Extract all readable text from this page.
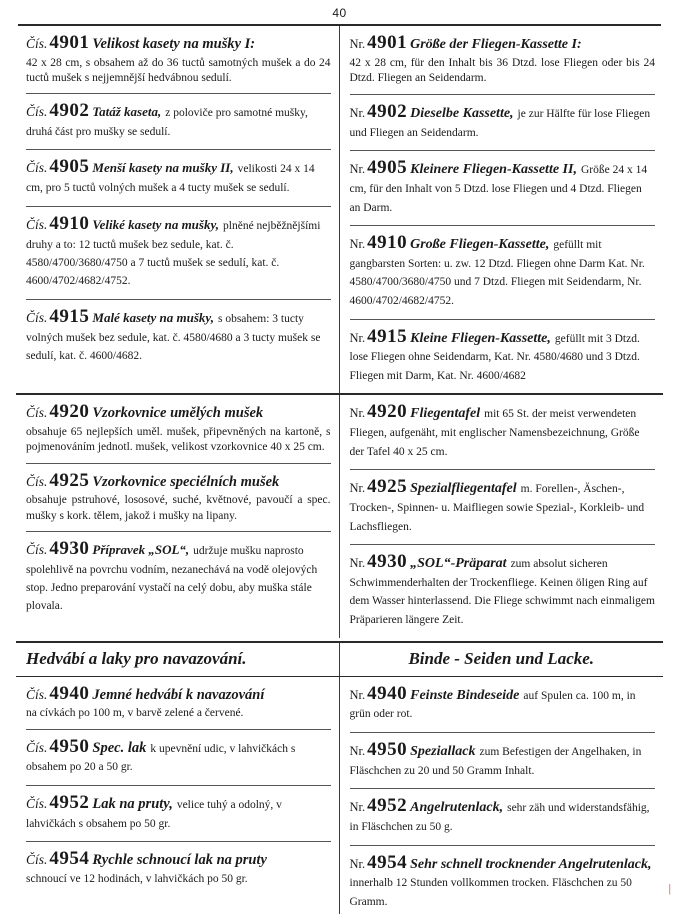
40
Čís. 4901 Velikost kasety na mušky I:
42 x 28 cm, s obsahem až do 36 tuctů samotných mušek a do 24 tuctů mušek s nejjemnější hedvábnou sedulí.
Čís. 4902 Tatáž kaseta, z poloviče pro samotné mušky, druhá část pro mušky se sedulí.
Čís. 4905 Menší kasety na mušky II, velikosti 24 x 14 cm, pro 5 tuctů volných mušek a 4 tucty mušek se sedulí.
Čís. 4910 Veliké kasety na mušky, plněné nejběžnějšími druhy a to: 12 tuctů mušek bez sedule, kat. č. 4580/4700/3680/4750 a 7 tuctů mušek se sedulí, kat. č. 4600/4702/4682/4752.
Čís. 4915 Malé kasety na mušky, s obsahem: 3 tucty volných mušek bez sedule, kat. č. 4580/4680 a 3 tucty mušek se sedulí, kat. č. 4600/4682.
Nr. 4901 Größe der Fliegen-Kassette I:
42 x 28 cm, für den Inhalt bis 36 Dtzd. lose Fliegen oder bis 24 Dtzd. Fliegen an Seidendarm.
Nr. 4902 Dieselbe Kassette, je zur Hälfte für lose Fliegen und Fliegen an Seidendarm.
Nr. 4905 Kleinere Fliegen-Kassette II, Größe 24 x 14 cm, für den Inhalt von 5 Dtzd. lose Fliegen und 4 Dtzd. Fliegen an Darm.
Nr. 4910 Große Fliegen-Kassette, gefüllt mit gangbarsten Sorten: u. zw. 12 Dtzd. Fliegen ohne Darm Kat. Nr. 4580/4700/3680/4750 und 7 Dtzd. Fliegen mit Seidendarm, Nr. 4600/4702/4682/4752.
Nr. 4915 Kleine Fliegen-Kassette, gefüllt mit 3 Dtzd. lose Fliegen ohne Seidendarm, Kat. Nr. 4580/4680 und 3 Dtzd. Fliegen mit Darm, Kat. Nr. 4600/4682
Čís. 4920 Vzorkovnice umělých mušek
obsahuje 65 nejlepších uměl. mušek, připevněných na kartoně, s pojmenováním jednotl. mušek, velikost vzorkovnice 40 x 25 cm.
Čís. 4925 Vzorkovnice speciélních mušek
obsahuje pstruhové, lososové, suché, květnové, pavoučí a spec. mušky s kork. tělem, jakož i mušky na lipany.
Čís. 4930 Přípravek „SOL“, udržuje mušku naprosto spolehlivě na povrchu vodním, nezanechává na vodě olejových stop. Jedno preparování vystačí na celý dobu, aby muška stále plovala.
Nr. 4920 Fliegentafel mit 65 St. der meist verwendeten Fliegen, aufgenäht, mit englischer Namensbezeichnung, Größe der Tafel 40 x 25 cm.
Nr. 4925 Spezialfliegentafel m. Forellen-, Äschen-, Trocken-, Spinnen- u. Maifliegen sowie Spezial-, Korkleib- und Lachsfliegen.
Nr. 4930 „SOL“-Präparat zum absolut sicheren Schwimmenderhalten der Trockenfliege. Keinen öligen Ring auf dem Wasser hinterlassend. Die Fliege schwimmt nach einmaligem Präparieren längere Zeit.
Hedvábí a laky pro navazování.	Binde - Seiden und Lacke.
Čís. 4940 Jemné hedvábí k navazování
na cívkách po 100 m, v barvě zelené a červené.
Čís. 4950 Spec. lak k upevnění udic, v lahvičkách s obsahem po 20 a 50 gr.
Čís. 4952 Lak na pruty, velice tuhý a odolný, v lahvičkách s obsahem po 50 gr.
Čís. 4954 Rychle schnoucí lak na pruty
schnoucí ve 12 hodinách, v lahvičkách po 50 gr.
Nr. 4940 Feinste Bindeseide auf Spulen ca. 100 m, in grün oder rot.
Nr. 4950 Speziallack zum Befestigen der Angelhaken, in Fläschchen zu 20 und 50 Gramm Inhalt.
Nr. 4952 Angelrutenlack, sehr zäh und widerstandsfähig, in Fläschchen zu 50 g.
Nr. 4954 Sehr schnell trocknender Angelrutenlack, innerhalb 12 Stunden vollkommen trocken. Fläschchen zu 50 Gramm.
|
